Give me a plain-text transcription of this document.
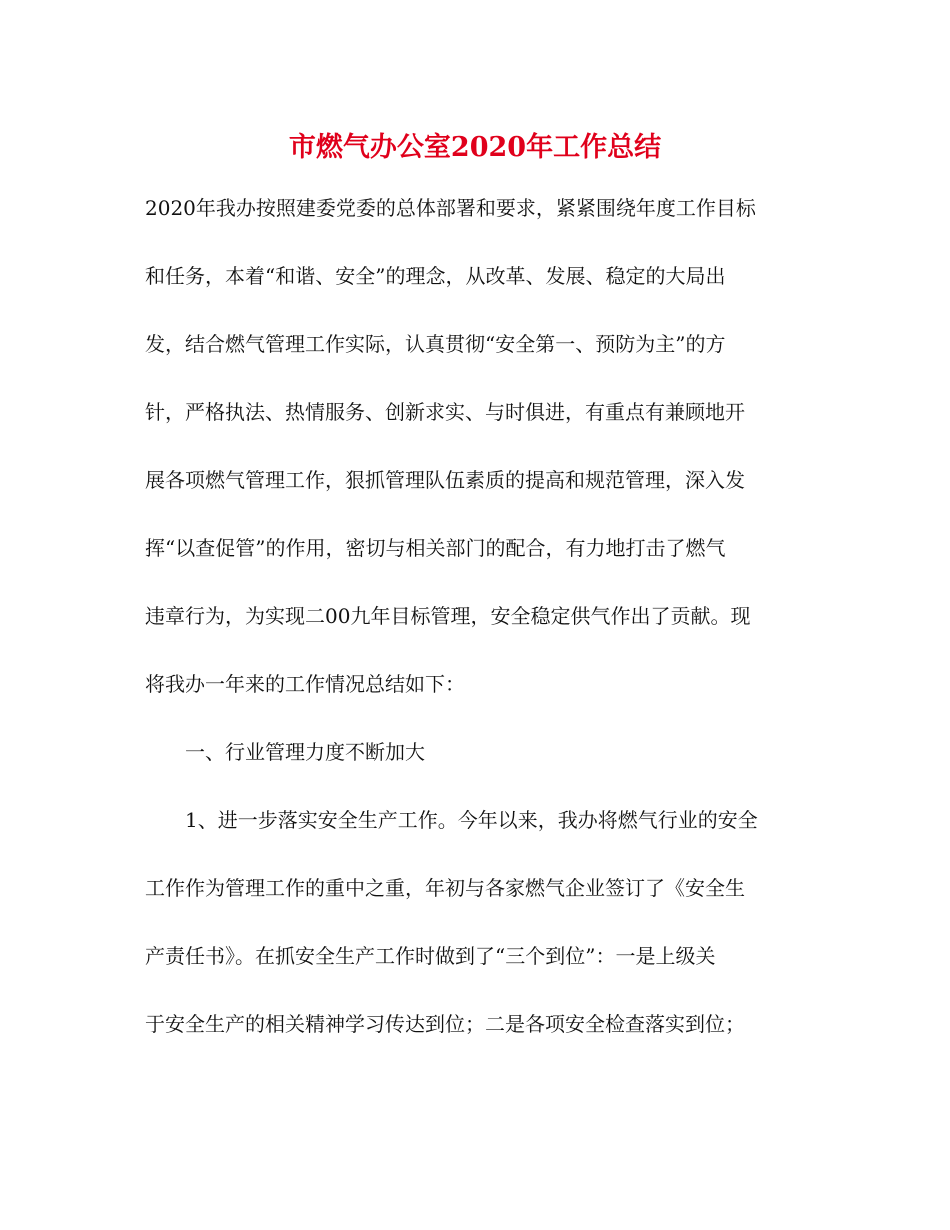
市燃气办公室2020年工作总结

2020年我办按照建委党委的总体部署和要求，紧紧围绕年度工作目标

和任务，本着“和谐、安全”的理念，从改革、发展、稳定的大局出

发，结合燃气管理工作实际，认真贯彻“安全第一、预防为主”的方

针，严格执法、热情服务、创新求实、与时俱进，有重点有兼顾地开

展各项燃气管理工作，狠抓管理队伍素质的提高和规范管理，深入发

挥“以查促管”的作用，密切与相关部门的配合，有力地打击了燃气

违章行为，为实现二00九年目标管理，安全稳定供气作出了贡献。现

将我办一年来的工作情况总结如下：

一、行业管理力度不断加大

1、进一步落实安全生产工作。今年以来，我办将燃气行业的安全

工作作为管理工作的重中之重，年初与各家燃气企业签订了《安全生

产责任书》。在抓安全生产工作时做到了“三个到位”：一是上级关

于安全生产的相关精神学习传达到位；二是各项安全检查落实到位；
